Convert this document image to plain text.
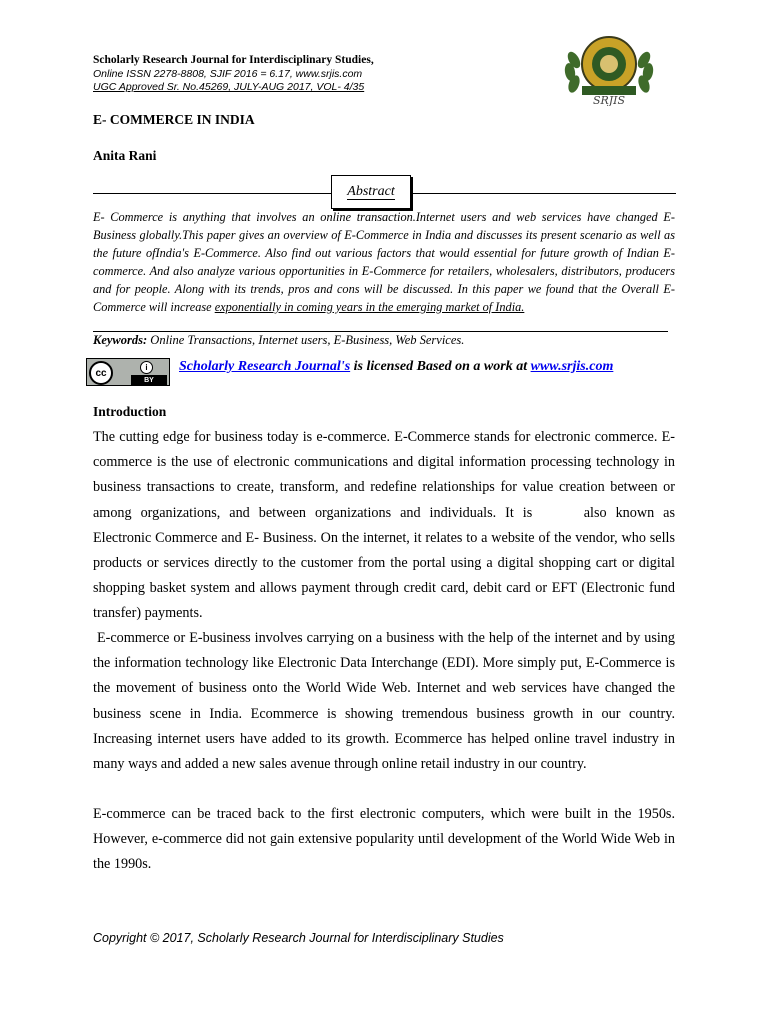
Scholarly Research Journal for Interdisciplinary Studies,
Online ISSN 2278-8808, SJIF 2016 = 6.17, www.srjis.com
UGC Approved Sr. No.45269, JULY-AUG 2017, VOL- 4/35
SRJIS
E- COMMERCE IN INDIA
Anita Rani
Abstract
E- Commerce is anything that involves an online transaction.Internet users and web services have changed E- Business globally.This paper gives an overview of E-Commerce in India and discusses its present scenario as well as the future ofIndia's E-Commerce. Also find out various factors that would essential for future growth of Indian E-commerce. And also analyze various opportunities in E-Commerce for retailers, wholesalers, distributors, producers and for people. Along with its trends, pros and cons will be discussed. In this paper we found that the Overall E-Commerce will increase exponentially in coming years in the emerging market of India.
Keywords: Online Transactions, Internet users, E-Business, Web Services.
cc	i
BY
Scholarly Research Journal's is licensed Based on a work at www.srjis.com
Introduction
The cutting edge for business today is e-commerce. E-Commerce stands for electronic commerce. E-commerce is the use of electronic communications and digital information processing technology in business transactions to create, transform, and redefine relationships for value creation between or among organizations, and between organizations and individuals. It is    also known as Electronic Commerce and E- Business. On the internet, it relates to a website of the vendor, who sells products or services directly to the customer from the portal using a digital shopping cart or digital shopping basket system and allows payment through credit card, debit card or EFT (Electronic fund transfer) payments.
E-commerce or E-business involves carrying on a business with the help of the internet and by using the information technology like Electronic Data Interchange (EDI). More simply put, E-Commerce is the movement of business onto the World Wide Web. Internet and web services have changed the business scene in India. Ecommerce is showing tremendous business growth in our country. Increasing internet users have added to its growth. Ecommerce has helped online travel industry in many ways and added a new sales avenue through online retail industry in our country.
E-commerce can be traced back to the first electronic computers, which were built in the 1950s. However, e-commerce did not gain extensive popularity until development of the World Wide Web in the 1990s.
Copyright © 2017, Scholarly Research Journal for Interdisciplinary Studies
